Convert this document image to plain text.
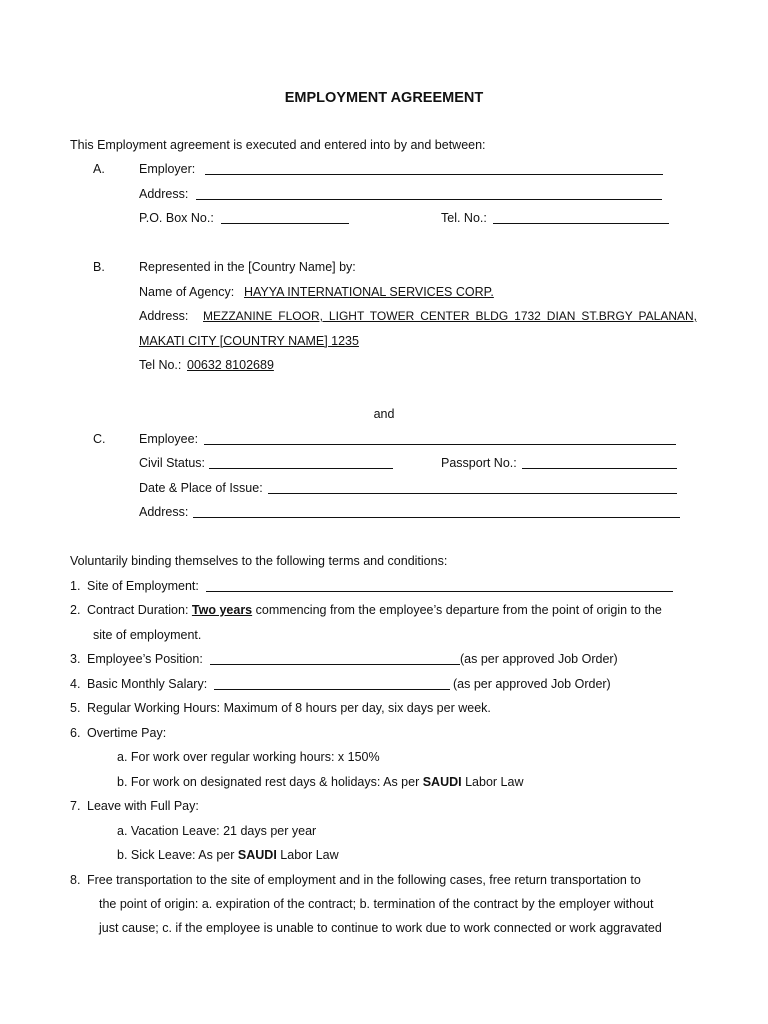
EMPLOYMENT AGREEMENT
This Employment agreement is executed and entered into by and between:
A.	Employer:
Address:
P.O. Box No.:	Tel. No.:
B.	Represented in the [Country Name] by:
Name of Agency: HAYYA INTERNATIONAL SERVICES CORP.
Address: MEZZANINE FLOOR, LIGHT TOWER CENTER BLDG 1732 DIAN ST.BRGY PALANAN,
MAKATI CITY [COUNTRY NAME] 1235
Tel No.: 00632 8102689
and
C.	Employee:
Civil Status:	Passport No.:
Date & Place of Issue:
Address:
Voluntarily binding themselves to the following terms and conditions:
1. Site of Employment:
2. Contract Duration: Two years commencing from the employee’s departure from the point of origin to the
site of employment.
3. Employee’s Position:	(as per approved Job Order)
4. Basic Monthly Salary:	(as per approved Job Order)
5. Regular Working Hours: Maximum of 8 hours per day, six days per week.
6. Overtime Pay:
a. For work over regular working hours: x 150%
b. For work on designated rest days & holidays: As per SAUDI Labor Law
7. Leave with Full Pay:
a. Vacation Leave: 21 days per year
b. Sick Leave: As per SAUDI Labor Law
8. Free transportation to the site of employment and in the following cases, free return transportation to
the point of origin: a. expiration of the contract; b. termination of the contract by the employer without
just cause; c. if the employee is unable to continue to work due to work connected or work aggravated
